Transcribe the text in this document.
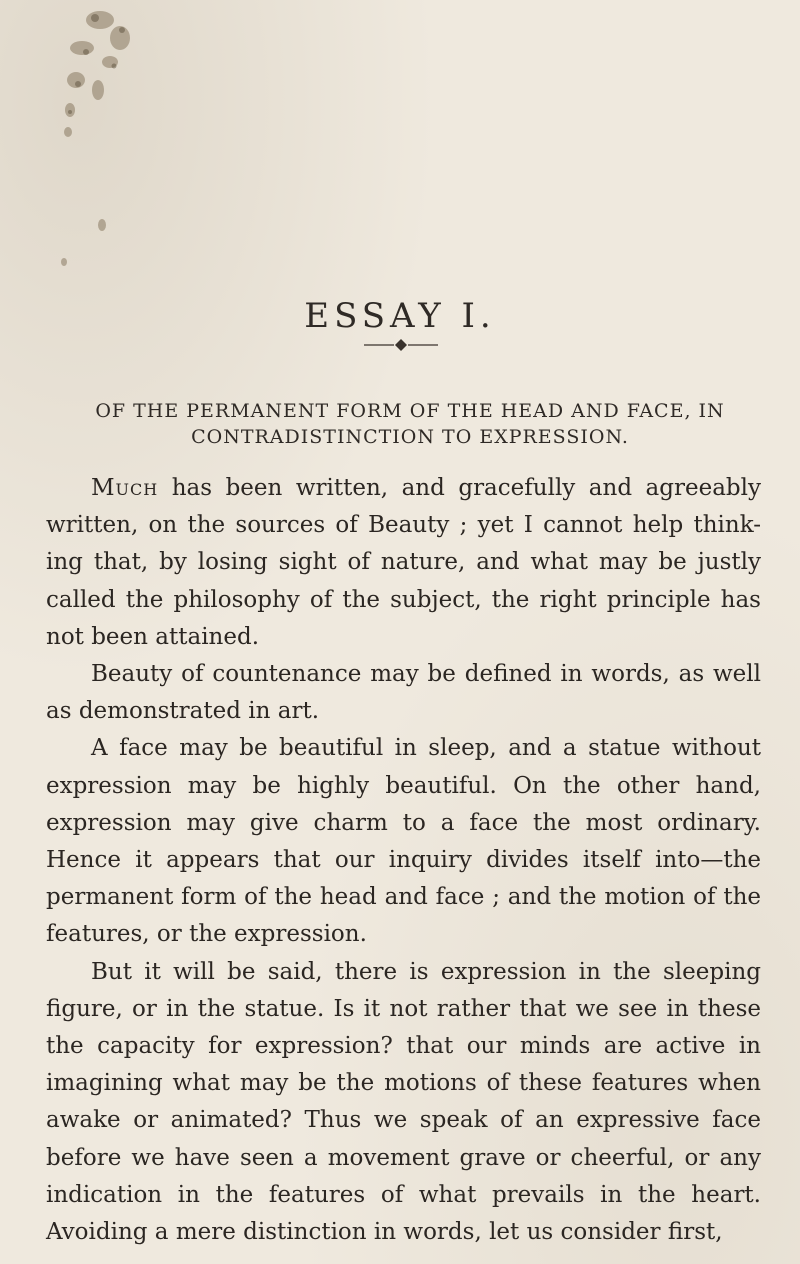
ESSAY I.
OF THE PERMANENT FORM OF THE HEAD AND FACE, IN
CONTRADISTINCTION TO EXPRESSION.

Much has been written, and gracefully and agreeably written, on the sources of Beauty ; yet I cannot help think-ing that, by losing sight of nature, and what may be justly called the philosophy of the subject, the right principle has not been attained.

Beauty of countenance may be defined in words, as well as demonstrated in art.

A face may be beautiful in sleep, and a statue without expression may be highly beautiful. On the other hand, expression may give charm to a face the most ordinary. Hence it appears that our inquiry divides itself into—the permanent form of the head and face ; and the motion of the features, or the expression.

But it will be said, there is expression in the sleeping figure, or in the statue. Is it not rather that we see in these the capacity for expression? that our minds are active in imagining what may be the motions of these features when awake or animated? Thus we speak of an expressive face before we have seen a movement grave or cheerful, or any indication in the features of what prevails in the heart. Avoiding a mere distinction in words, let us consider first,
